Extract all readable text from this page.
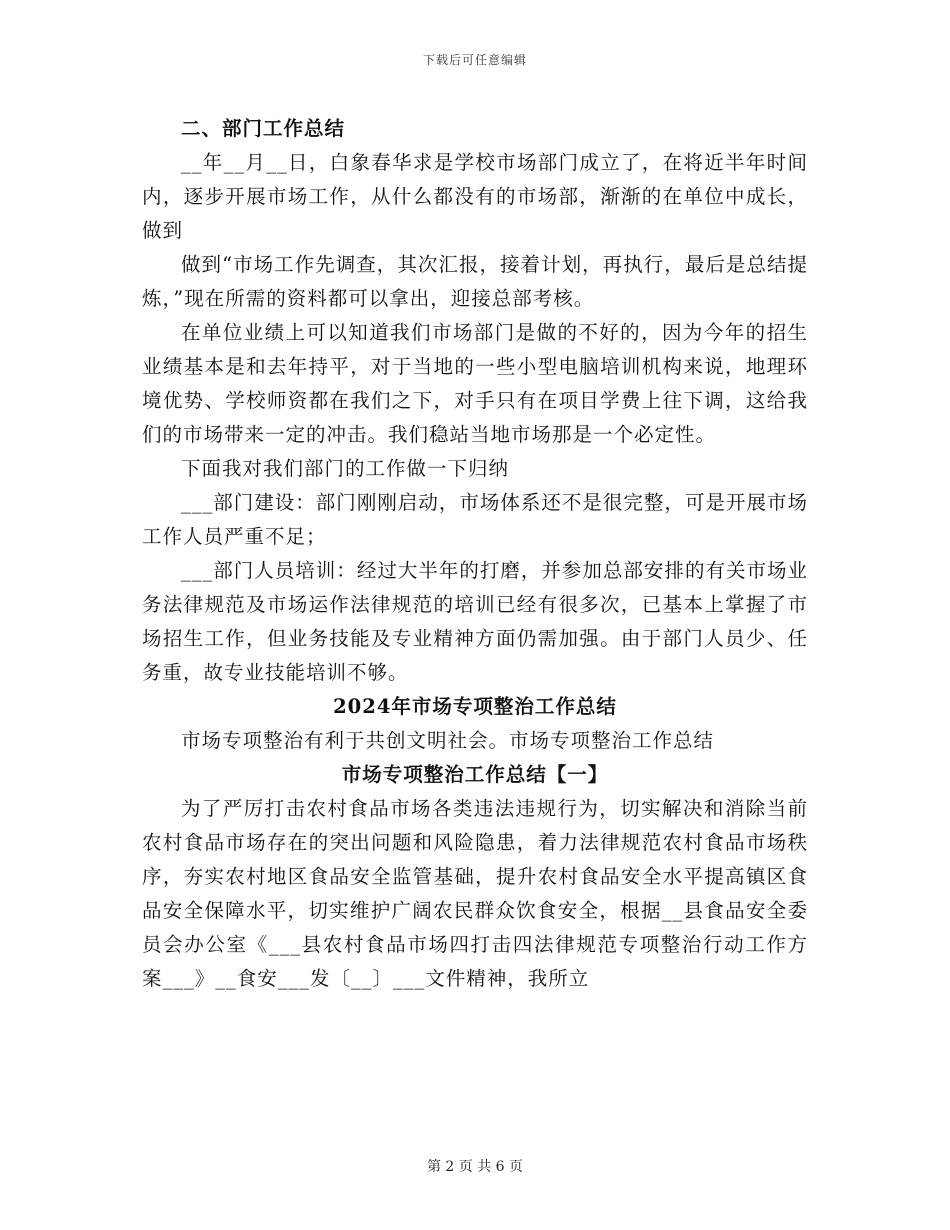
下载后可任意编辑

二、部门工作总结

__年__月__日，白象春华求是学校市场部门成立了，在将近半年时间内，逐步开展市场工作，从什么都没有的市场部，渐渐的在单位中成长，做到

做到“市场工作先调查，其次汇报，接着计划，再执行，最后是总结提炼，”现在所需的资料都可以拿出，迎接总部考核。

在单位业绩上可以知道我们市场部门是做的不好的，因为今年的招生业绩基本是和去年持平，对于当地的一些小型电脑培训机构来说，地理环境优势、学校师资都在我们之下，对手只有在项目学费上往下调，这给我们的市场带来一定的冲击。我们稳站当地市场那是一个必定性。

下面我对我们部门的工作做一下归纳

___部门建设：部门刚刚启动，市场体系还不是很完整，可是开展市场工作人员严重不足；

___部门人员培训：经过大半年的打磨，并参加总部安排的有关市场业务法律规范及市场运作法律规范的培训已经有很多次，已基本上掌握了市场招生工作，但业务技能及专业精神方面仍需加强。由于部门人员少、任务重，故专业技能培训不够。

2024年市场专项整治工作总结

市场专项整治有利于共创文明社会。市场专项整治工作总结

市场专项整治工作总结【一】

为了严厉打击农村食品市场各类违法违规行为，切实解决和消除当前农村食品市场存在的突出问题和风险隐患，着力法律规范农村食品市场秩序，夯实农村地区食品安全监管基础，提升农村食品安全水平提高镇区食品安全保障水平，切实维护广阔农民群众饮食安全，根据__县食品安全委员会办公室《___县农村食品市场四打击四法律规范专项整治行动工作方案___》__食安___发〔__〕___文件精神，我所立

第 2 页 共 6 页
